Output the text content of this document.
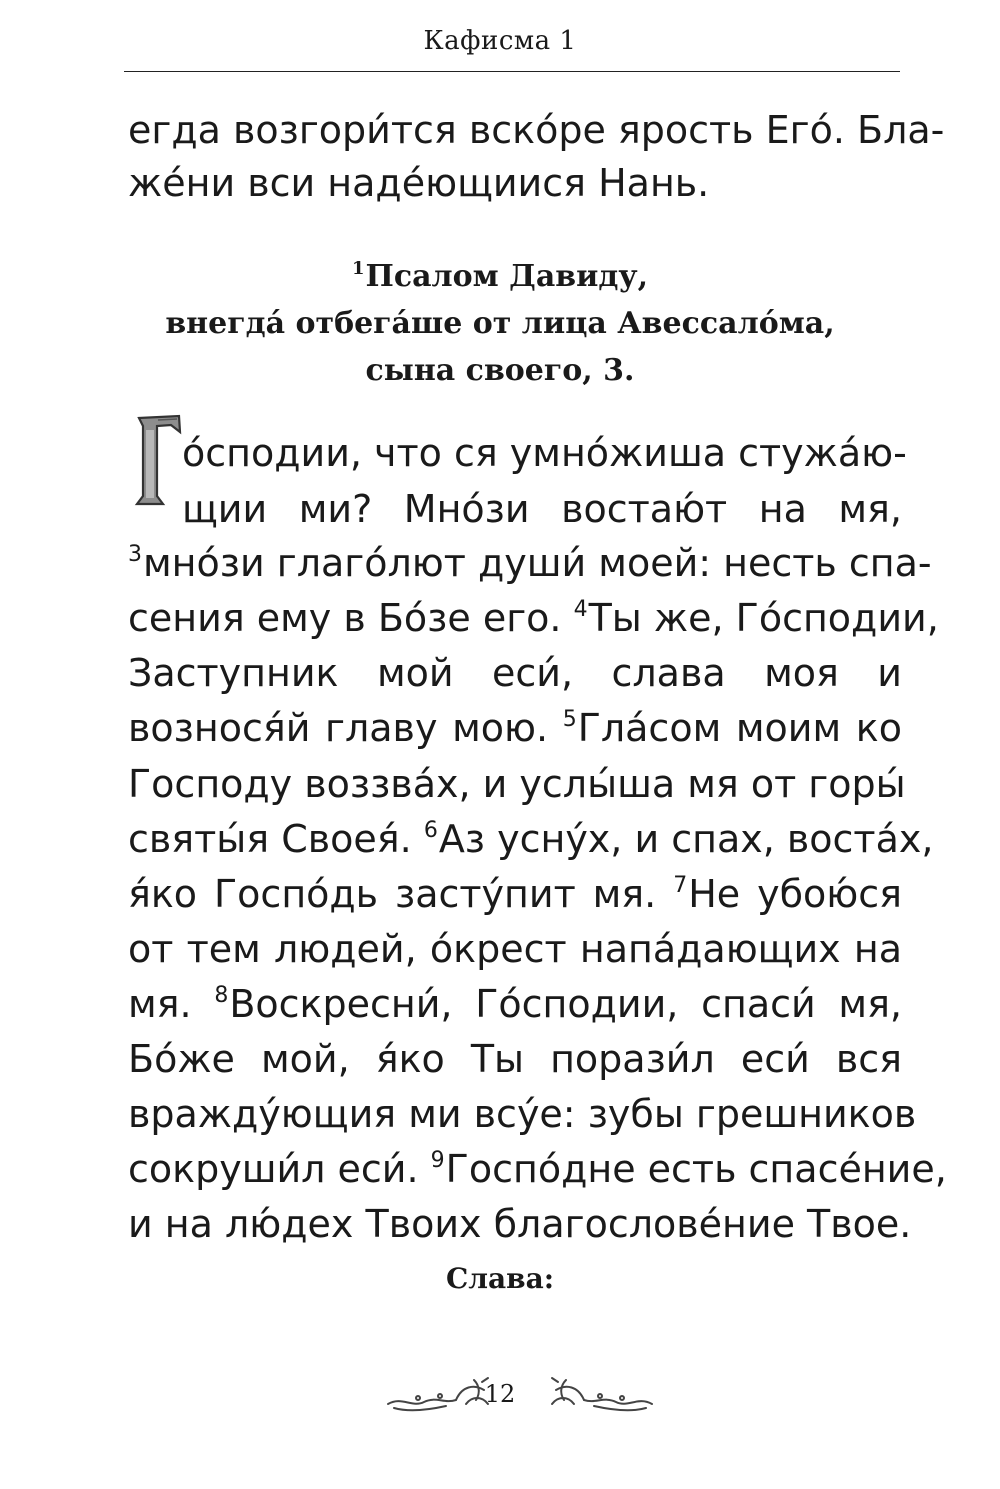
Кафисма 1
егда возгори́тся вско́ре ярость Его́. Бла-
же́ни вси наде́ющиися Нань.
$^1$Псалом Давиду,
внегда́ отбега́ше от лица Авессало́ма,
сына своего, 3.
о́сподии, что ся умно́жиша стужа́ю-
щии ми? Мно́зи востаю́т на мя,
$^3$мно́зи глаго́лют души́ моей: несть спа-
сения ему в Бо́зе его. $^4$Ты же, Го́сподии,
Заступник мой еси́, слава моя и
вознося́й главу мою. $^5$Гла́сом моим ко
Господу воззва́х, и услы́ша мя от горы́
святы́я Своея́. $^6$Аз усну́х, и спах, воста́х,
я́ко Госпо́дь засту́пит мя. $^7$Не убою́ся
от тем людей, о́крест напа́дающих на
мя. $^8$Воскресни́, Го́сподии, спаси́ мя,
Бо́же мой, я́ко Ты порази́л еси́ вся
вражду́ющия ми всу́е: зубы грешников
сокруши́л еси́. $^9$Госпо́дне есть спасе́ние,
и на лю́дех Твоих благослове́ние Твое.
Слава:
12
